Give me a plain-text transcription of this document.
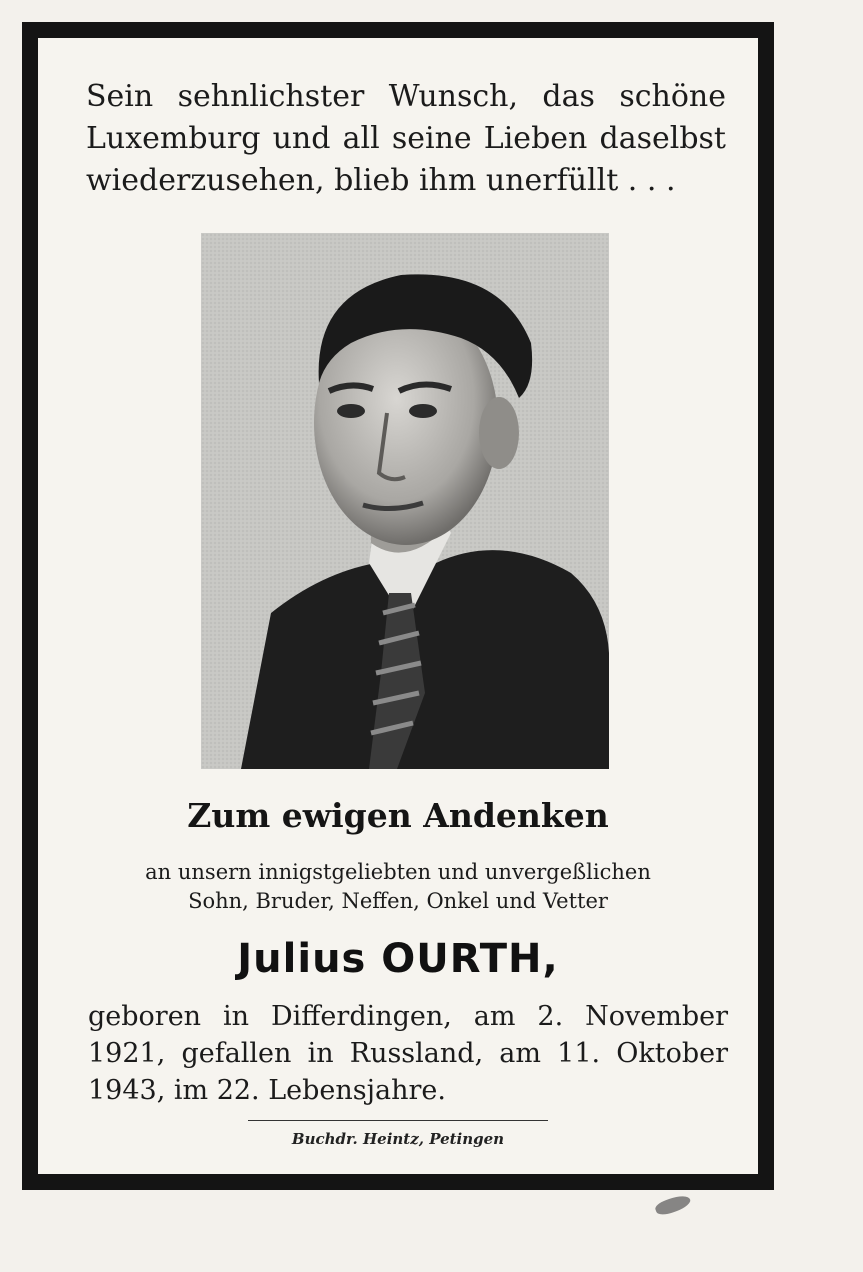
Sein sehnlichster Wunsch, das schöne Luxemburg und all seine Lieben daselbst wiederzusehen, blieb ihm unerfüllt . . .
Zum ewigen Andenken
an unsern innigstgeliebten und unvergeßlichen
Sohn, Bruder, Neffen, Onkel und Vetter
Julius OURTH,
geboren in Differdingen, am 2. November 1921, gefallen in Russland, am 11. Oktober 1943, im 22. Lebensjahre.
Buchdr. Heintz, Petingen
